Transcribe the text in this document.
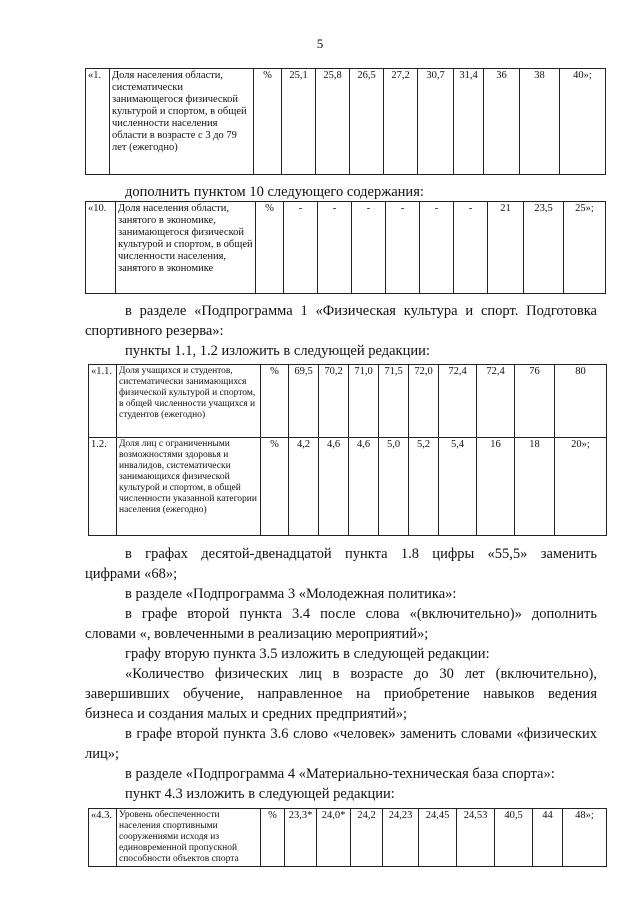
5
«1.	Доля населения области, систематически занимающегося физической культурой и спортом, в общей численности населения области в возрасте с 3 до 79 лет (ежегодно)	%	25,1	25,8	26,5	27,2	30,7	31,4	36	38	40»;
дополнить пунктом 10 следующего содержания:
«10.	Доля населения области, занятого в экономике, занимающегося физической культурой и спортом, в общей численности населения, занятого в экономике	%	-	-	-	-	-	-	21	23,5	25»;
в разделе «Подпрограмма 1 «Физическая культура и спорт. Подготовка
спортивного резерва»:
пункты 1.1, 1.2 изложить в следующей редакции:
«1.1.	Доля учащихся и студентов, систематически занимающихся физической культурой и спортом, в общей численности учащихся и студентов (ежегодно)	%	69,5	70,2	71,0	71,5	72,0	72,4	72,4	76	80
1.2.	Доля лиц с ограниченными возможностями здоровья и инвалидов, систематически занимающихся физической культурой и спортом, в общей численности указанной категории населения (ежегодно)	%	4,2	4,6	4,6	5,0	5,2	5,4	16	18	20»;
в графах десятой-двенадцатой пункта 1.8 цифры «55,5» заменить
цифрами «68»;
в разделе «Подпрограмма 3 «Молодежная политика»:
в графе второй пункта 3.4 после слова «(включительно)» дополнить
словами «, вовлеченными в реализацию мероприятий»;
графу вторую пункта 3.5 изложить в следующей редакции:
«Количество физических лиц в возрасте до 30 лет (включительно),
завершивших обучение, направленное на приобретение навыков ведения
бизнеса и создания малых и средних предприятий»;
в графе второй пункта 3.6 слово «человек» заменить словами «физических
лиц»;
в разделе «Подпрограмма 4 «Материально-техническая база спорта»:
пункт 4.3 изложить в следующей редакции:
«4.3.	Уровень обеспеченности населения спортивными сооружениями исходя из единовременной пропускной способности объектов спорта	%	23,3*	24,0*	24,2	24,23	24,45	24,53	40,5	44	48»;
